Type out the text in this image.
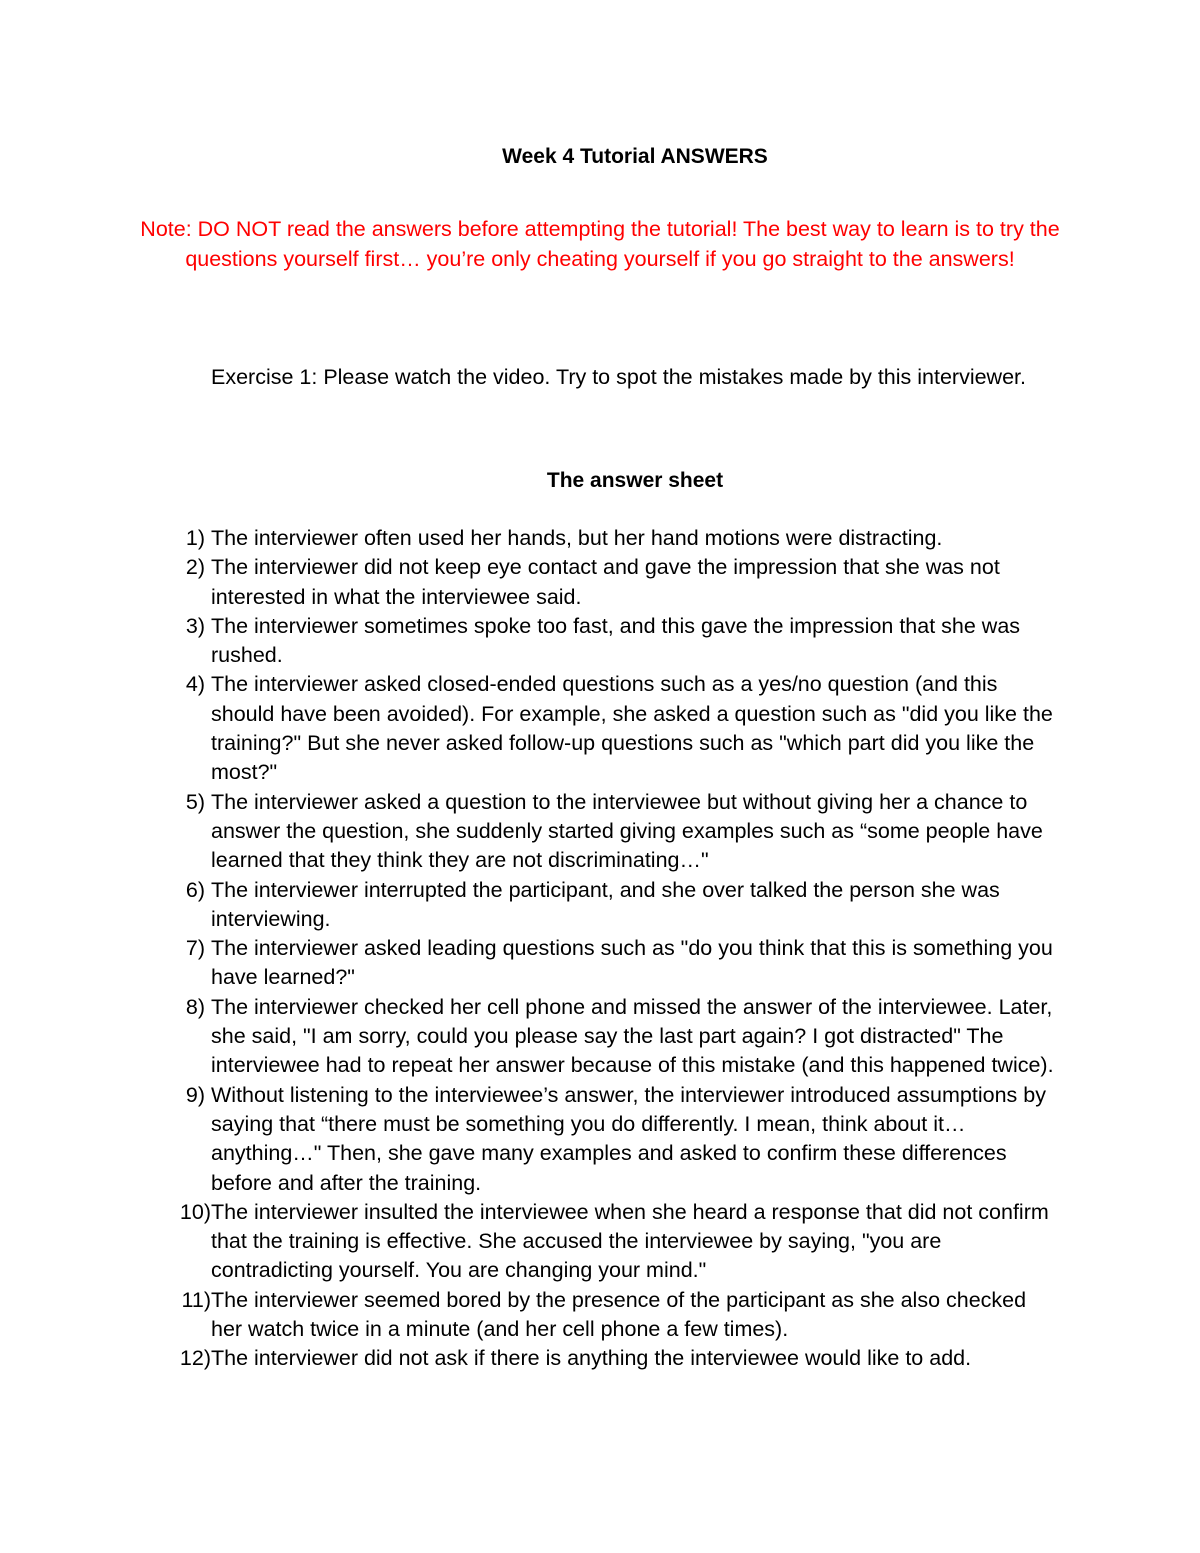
Week 4 Tutorial ANSWERS
Note: DO NOT read the answers before attempting the tutorial! The best way to learn is to try the questions yourself first… you’re only cheating yourself if you go straight to the answers!
Exercise 1: Please watch the video. Try to spot the mistakes made by this interviewer.
The answer sheet
1) The interviewer often used her hands, but her hand motions were distracting.
2) The interviewer did not keep eye contact and gave the impression that she was not interested in what the interviewee said.
3) The interviewer sometimes spoke too fast, and this gave the impression that she was rushed.
4) The interviewer asked closed-ended questions such as a yes/no question (and this should have been avoided). For example, she asked a question such as "did you like the training?" But she never asked follow-up questions such as "which part did you like the most?"
5) The interviewer asked a question to the interviewee but without giving her a chance to answer the question, she suddenly started giving examples such as “some people have learned that they think they are not discriminating…"
6) The interviewer interrupted the participant, and she over talked the person she was interviewing.
7) The interviewer asked leading questions such as "do you think that this is something you have learned?"
8) The interviewer checked her cell phone and missed the answer of the interviewee. Later, she said, "I am sorry, could you please say the last part again? I got distracted" The interviewee had to repeat her answer because of this mistake (and this happened twice).
9) Without listening to the interviewee’s answer, the interviewer introduced assumptions by saying that “there must be something you do differently. I mean, think about it… anything…" Then, she gave many examples and asked to confirm these differences before and after the training.
10) The interviewer insulted the interviewee when she heard a response that did not confirm that the training is effective. She accused the interviewee by saying, "you are contradicting yourself. You are changing your mind."
11) The interviewer seemed bored by the presence of the participant as she also checked her watch twice in a minute (and her cell phone a few times).
12) The interviewer did not ask if there is anything the interviewee would like to add.
